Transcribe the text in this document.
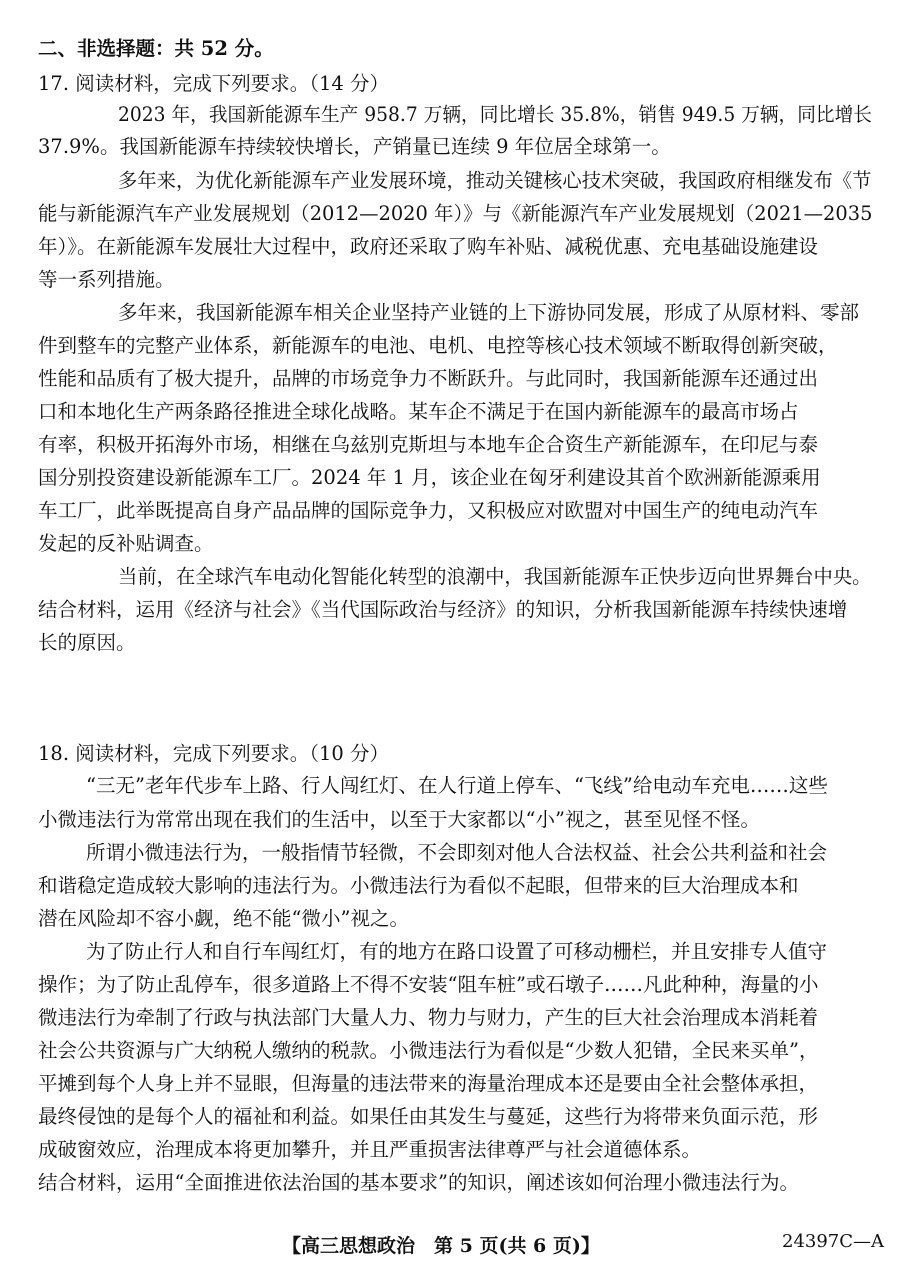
二、非选择题：共 52 分。
17. 阅读材料，完成下列要求。（14 分）
2023 年，我国新能源车生产 958.7 万辆，同比增长 35.8%，销售 949.5 万辆，同比增长
37.9%。我国新能源车持续较快增长，产销量已连续 9 年位居全球第一。
多年来，为优化新能源车产业发展环境，推动关键核心技术突破，我国政府相继发布《节
能与新能源汽车产业发展规划（2012—2020 年）》与《新能源汽车产业发展规划（2021—2035
年）》。在新能源车发展壮大过程中，政府还采取了购车补贴、减税优惠、充电基础设施建设
等一系列措施。
多年来，我国新能源车相关企业坚持产业链的上下游协同发展，形成了从原材料、零部
件到整车的完整产业体系，新能源车的电池、电机、电控等核心技术领域不断取得创新突破，
性能和品质有了极大提升，品牌的市场竞争力不断跃升。与此同时，我国新能源车还通过出
口和本地化生产两条路径推进全球化战略。某车企不满足于在国内新能源车的最高市场占
有率，积极开拓海外市场，相继在乌兹别克斯坦与本地车企合资生产新能源车，在印尼与泰
国分别投资建设新能源车工厂。2024 年 1 月，该企业在匈牙利建设其首个欧洲新能源乘用
车工厂，此举既提高自身产品品牌的国际竞争力，又积极应对欧盟对中国生产的纯电动汽车
发起的反补贴调查。
当前，在全球汽车电动化智能化转型的浪潮中，我国新能源车正快步迈向世界舞台中央。
结合材料，运用《经济与社会》《当代国际政治与经济》的知识，分析我国新能源车持续快速增
长的原因。
18. 阅读材料，完成下列要求。（10 分）
“三无”老年代步车上路、行人闯红灯、在人行道上停车、“飞线”给电动车充电……这些
小微违法行为常常出现在我们的生活中，以至于大家都以“小”视之，甚至见怪不怪。
所谓小微违法行为，一般指情节轻微，不会即刻对他人合法权益、社会公共利益和社会
和谐稳定造成较大影响的违法行为。小微违法行为看似不起眼，但带来的巨大治理成本和
潜在风险却不容小觑，绝不能“微小”视之。
为了防止行人和自行车闯红灯，有的地方在路口设置了可移动栅栏，并且安排专人值守
操作；为了防止乱停车，很多道路上不得不安装“阻车桩”或石墩子……凡此种种，海量的小
微违法行为牵制了行政与执法部门大量人力、物力与财力，产生的巨大社会治理成本消耗着
社会公共资源与广大纳税人缴纳的税款。小微违法行为看似是“少数人犯错，全民来买单”，
平摊到每个人身上并不显眼，但海量的违法带来的海量治理成本还是要由全社会整体承担，
最终侵蚀的是每个人的福祉和利益。如果任由其发生与蔓延，这些行为将带来负面示范，形
成破窗效应，治理成本将更加攀升，并且严重损害法律尊严与社会道德体系。
结合材料，运用“全面推进依法治国的基本要求”的知识，阐述该如何治理小微违法行为。
【高三思想政治　第 5 页(共 6 页)】	24397C—A
